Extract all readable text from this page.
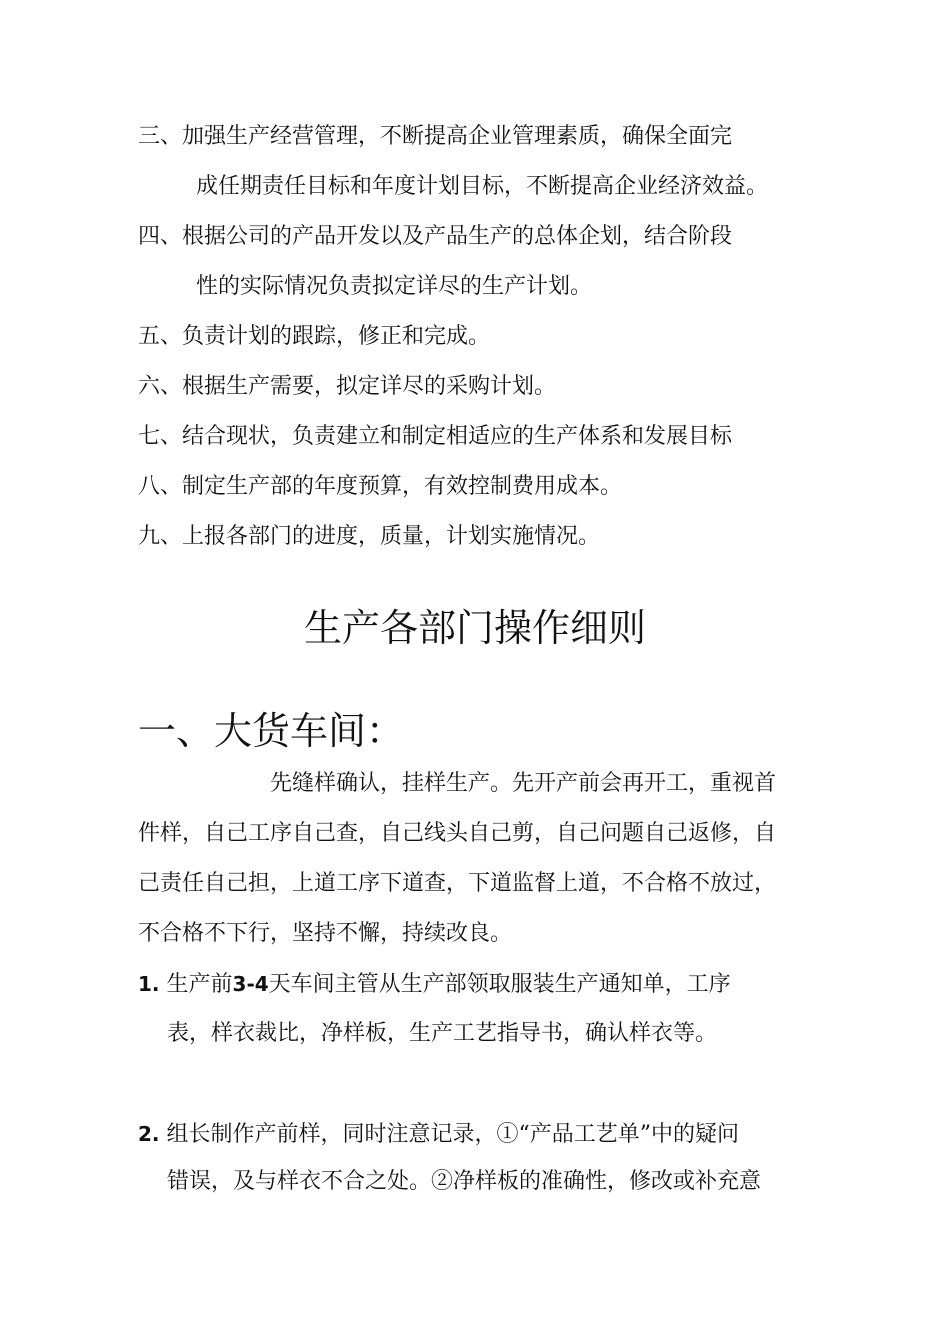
三、加强生产经营管理，不断提高企业管理素质，确保全面完
成任期责任目标和年度计划目标，不断提高企业经济效益。
四、根据公司的产品开发以及产品生产的总体企划，结合阶段
性的实际情况负责拟定详尽的生产计划。
五、负责计划的跟踪，修正和完成。
六、根据生产需要，拟定详尽的采购计划。
七、结合现状，负责建立和制定相适应的生产体系和发展目标
八、制定生产部的年度预算，有效控制费用成本。
九、上报各部门的进度，质量，计划实施情况。
生产各部门操作细则
一、大货车间：
先缝样确认，挂样生产。先开产前会再开工，重视首
件样，自己工序自己查，自己线头自己剪，自己问题自己返修，自
己责任自己担，上道工序下道查，下道监督上道，不合格不放过，
不合格不下行，坚持不懈，持续改良。
1. 生产前3-4天车间主管从生产部领取服装生产通知单，工序
表，样衣裁比，净样板，生产工艺指导书，确认样衣等。
2. 组长制作产前样，同时注意记录，①“产品工艺单”中的疑问
错误，及与样衣不合之处。②净样板的准确性，修改或补充意
